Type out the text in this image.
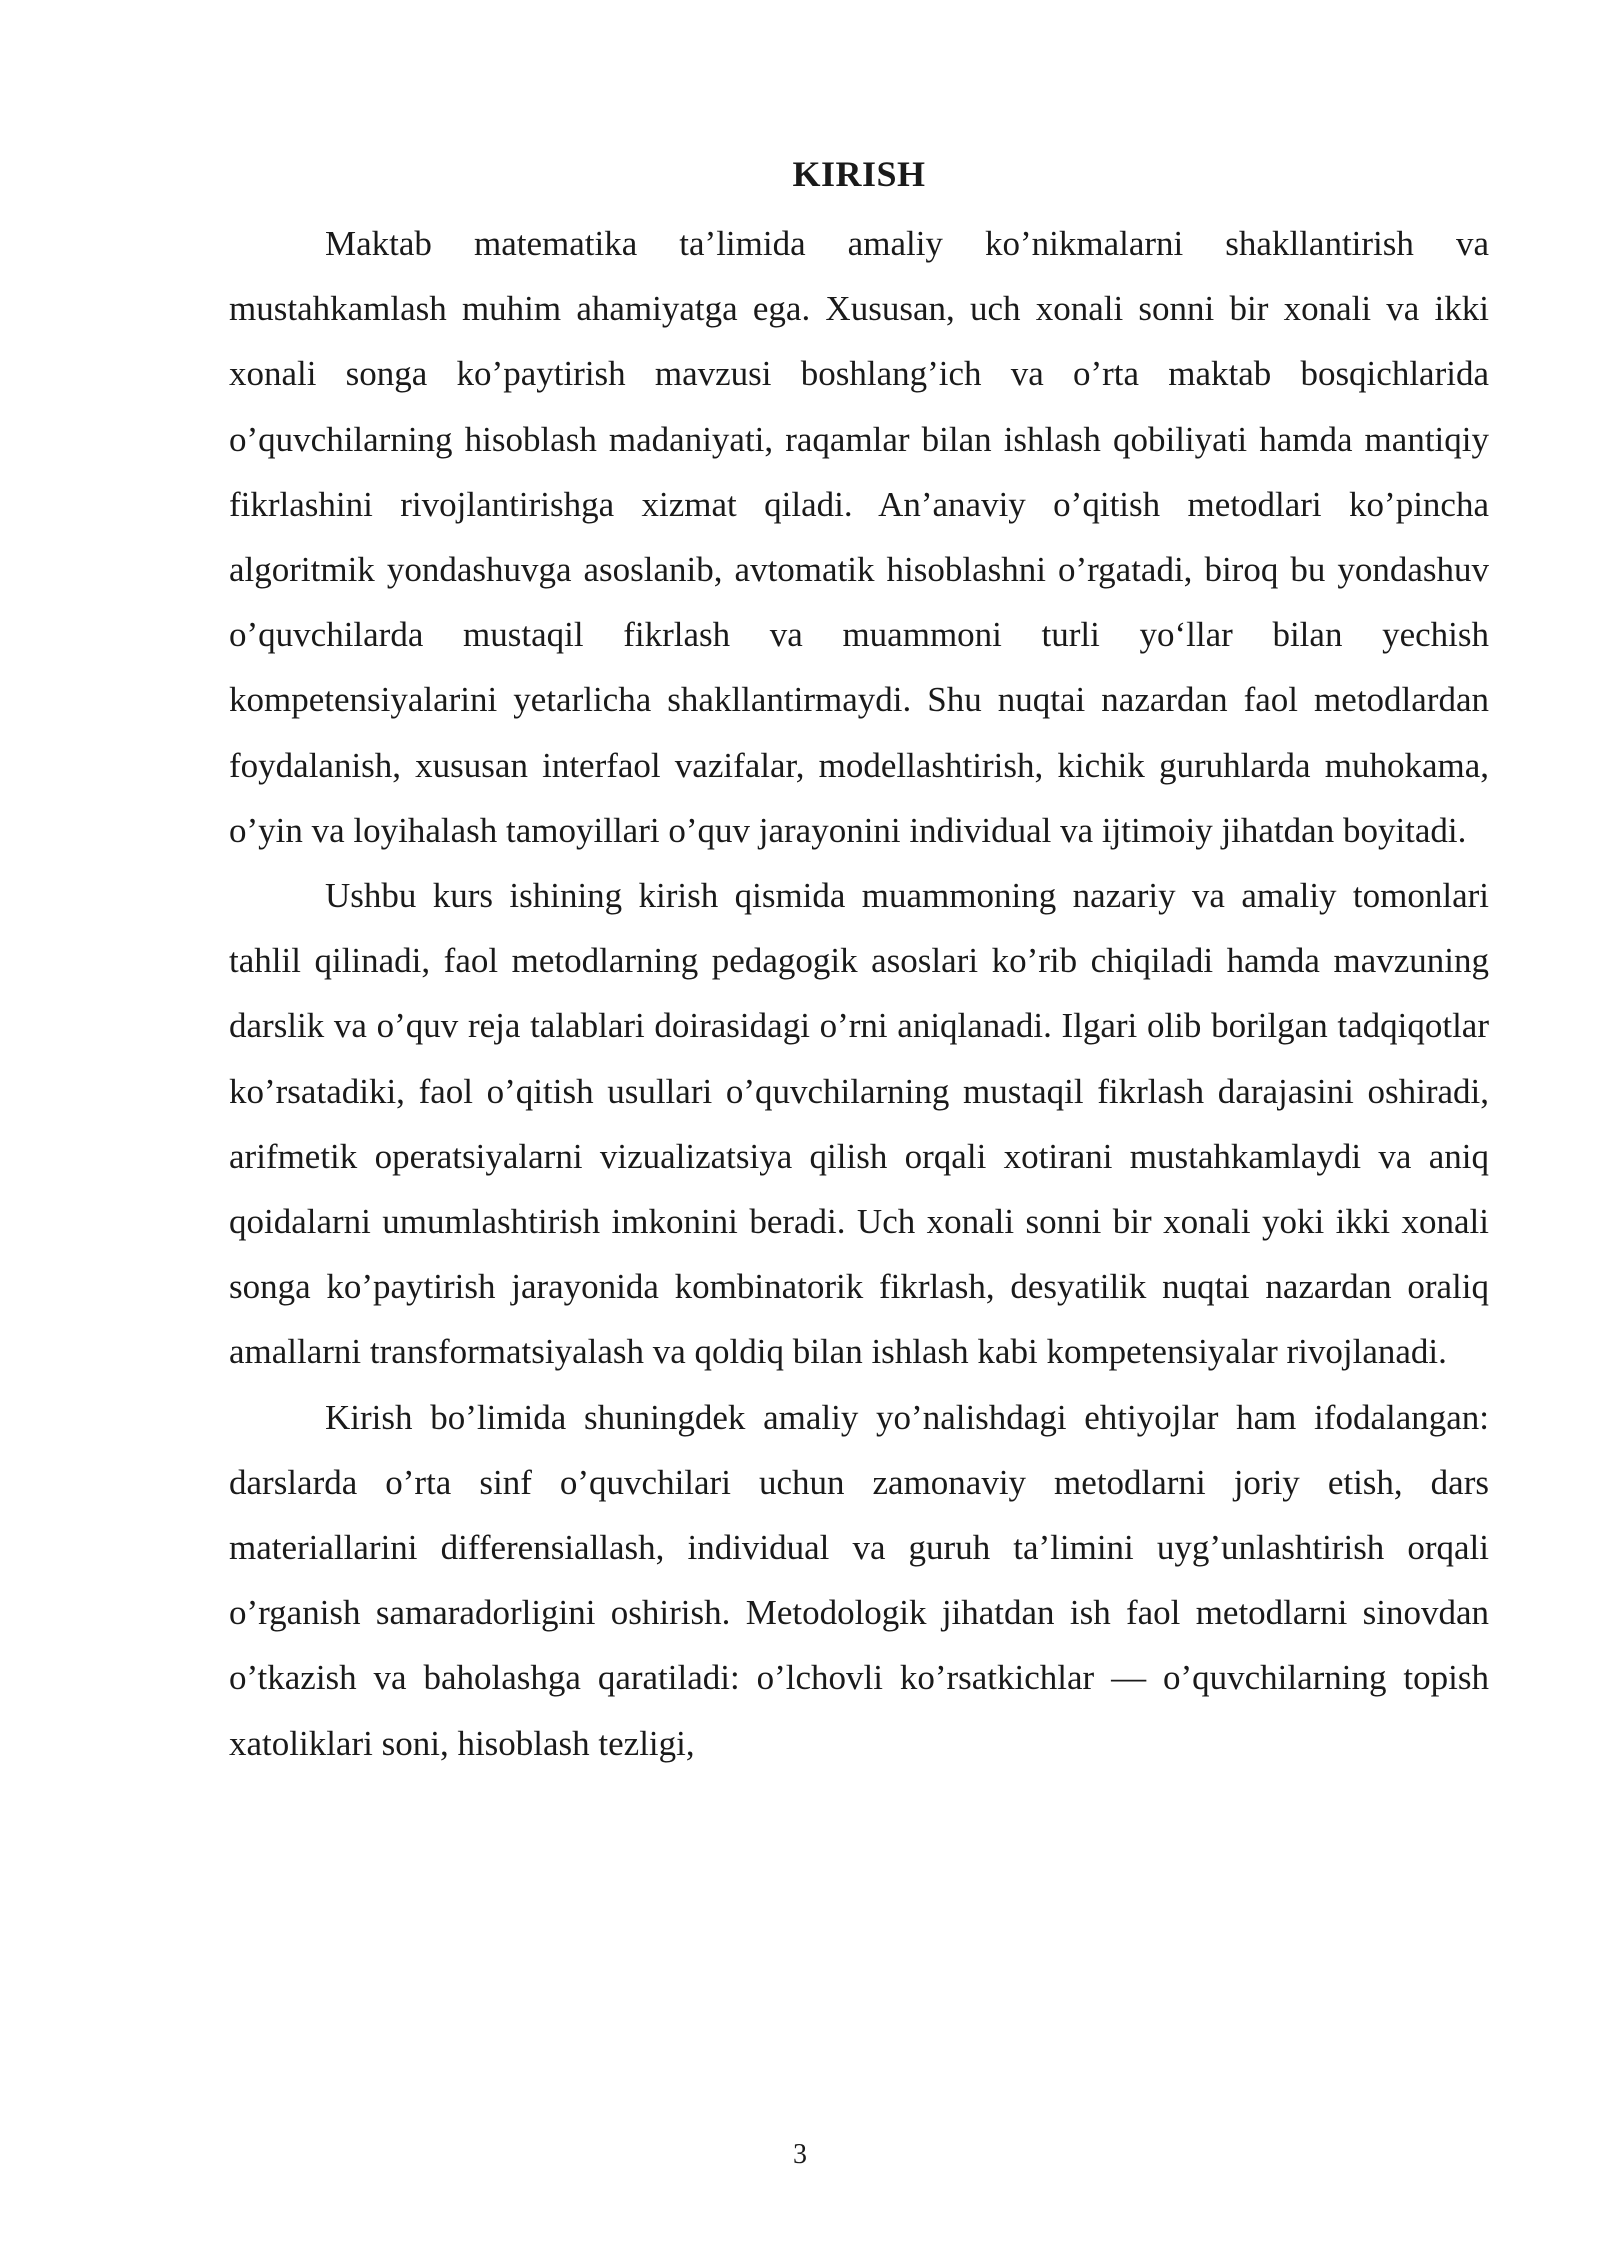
KIRISH

Maktab matematika ta’limida amaliy ko’nikmalarni shakllantirish va mustahkamlash muhim ahamiyatga ega. Xususan, uch xonali sonni bir xonali va ikki xonali songa ko’paytirish mavzusi boshlang’ich va o’rta maktab bosqichlarida o’quvchilarning hisoblash madaniyati, raqamlar bilan ishlash qobiliyati hamda mantiqiy fikrlashini rivojlantirishga xizmat qiladi. An’anaviy o’qitish metodlari ko’pincha algoritmik yondashuvga asoslanib, avtomatik hisoblashni o’rgatadi, biroq bu yondashuv o’quvchilarda mustaqil fikrlash va muammoni turli yo‘llar bilan yechish kompetensiyalarini yetarlicha shakllantirmaydi. Shu nuqtai nazardan faol metodlardan foydalanish, xususan interfaol vazifalar, modellashtirish, kichik guruhlarda muhokama, o’yin va loyihalash tamoyillari o’quv jarayonini individual va ijtimoiy jihatdan boyitadi.

Ushbu kurs ishining kirish qismida muammoning nazariy va amaliy tomonlari tahlil qilinadi, faol metodlarning pedagogik asoslari ko’rib chiqiladi hamda mavzuning darslik va o’quv reja talablari doirasidagi o’rni aniqlanadi. Ilgari olib borilgan tadqiqotlar ko’rsatadiki, faol o’qitish usullari o’quvchilarning mustaqil fikrlash darajasini oshiradi, arifmetik operatsiyalarni vizualizatsiya qilish orqali xotirani mustahkamlaydi va aniq qoidalarni umumlashtirish imkonini beradi. Uch xonali sonni bir xonali yoki ikki xonali songa ko’paytirish jarayonida kombinatorik fikrlash, desyatilik nuqtai nazardan oraliq amallarni transformatsiyalash va qoldiq bilan ishlash kabi kompetensiyalar rivojlanadi.

Kirish bo’limida shuningdek amaliy yo’nalishdagi ehtiyojlar ham ifodalangan: darslarda o’rta sinf o’quvchilari uchun zamonaviy metodlarni joriy etish, dars materiallarini differensiallash, individual va guruh ta’limini uyg’unlashtirish orqali o’rganish samaradorligini oshirish. Metodologik jihatdan ish faol metodlarni sinovdan o’tkazish va baholashga qaratiladi: o’lchovli ko’rsatkichlar — o’quvchilarning topish xatoliklari soni, hisoblash tezligi,

3
